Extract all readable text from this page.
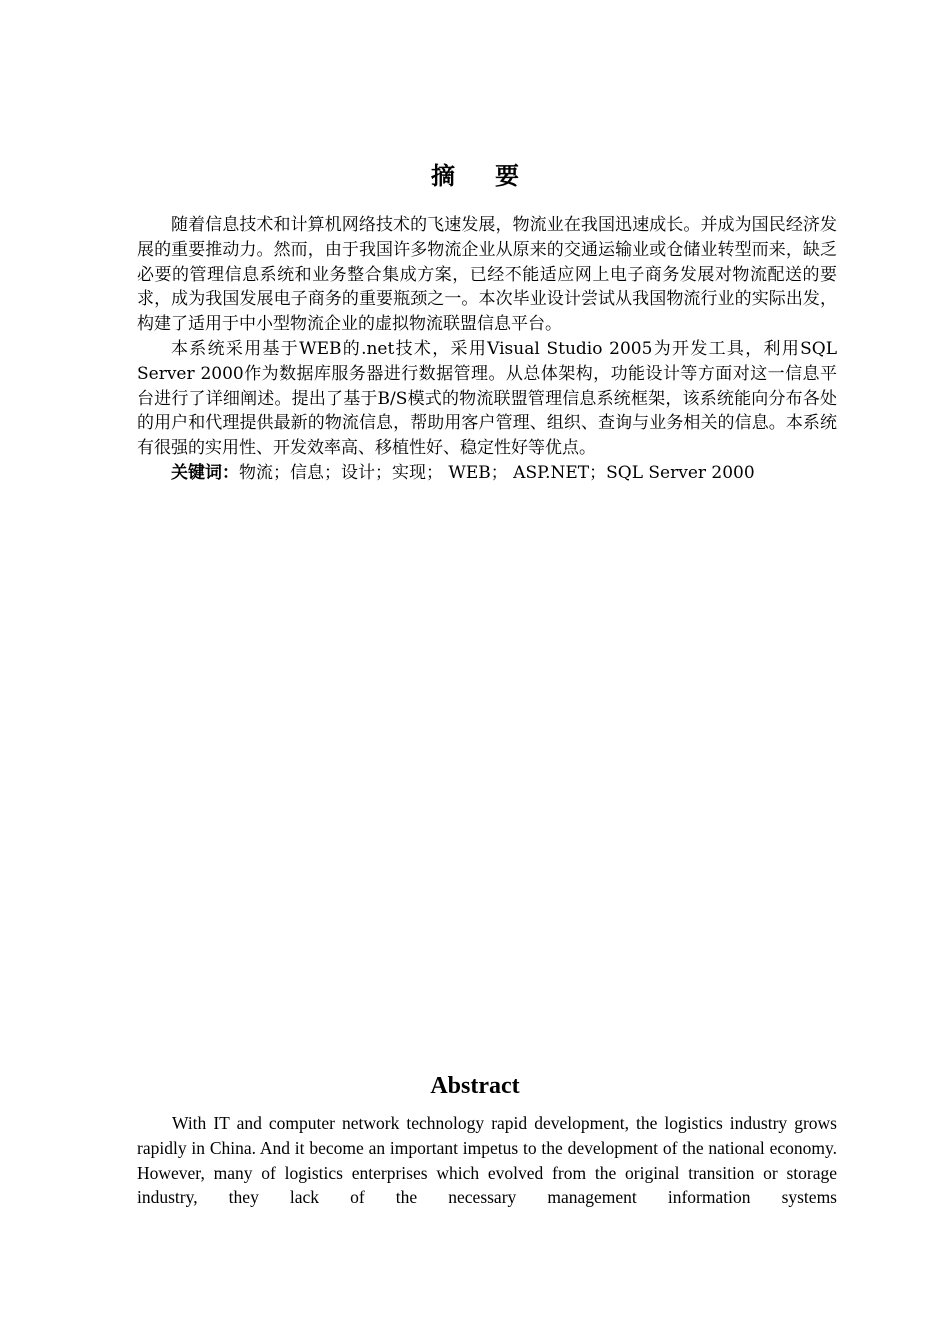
摘要

随着信息技术和计算机网络技术的飞速发展，物流业在我国迅速成长。并成为国民经济发展的重要推动力。然而，由于我国许多物流企业从原来的交通运输业或仓储业转型而来，缺乏必要的管理信息系统和业务整合集成方案，已经不能适应网上电子商务发展对物流配送的要求，成为我国发展电子商务的重要瓶颈之一。本次毕业设计尝试从我国物流行业的实际出发，构建了适用于中小型物流企业的虚拟物流联盟信息平台。

本系统采用基于WEB的.net技术，采用Visual Studio 2005为开发工具，利用SQL Server 2000作为数据库服务器进行数据管理。从总体架构，功能设计等方面对这一信息平台进行了详细阐述。提出了基于B/S模式的物流联盟管理信息系统框架，该系统能向分布各处的用户和代理提供最新的物流信息，帮助用客户管理、组织、查询与业务相关的信息。本系统有很强的实用性、开发效率高、移植性好、稳定性好等优点。

关键词：物流；信息；设计；实现； WEB； ASP.NET；SQL Server 2000

Abstract

With IT and computer network technology rapid development, the logistics industry grows rapidly in China. And it become an important impetus to the development of the national economy. However, many of logistics enterprises which evolved from the original transition or storage industry, they lack of the necessary management information systems
